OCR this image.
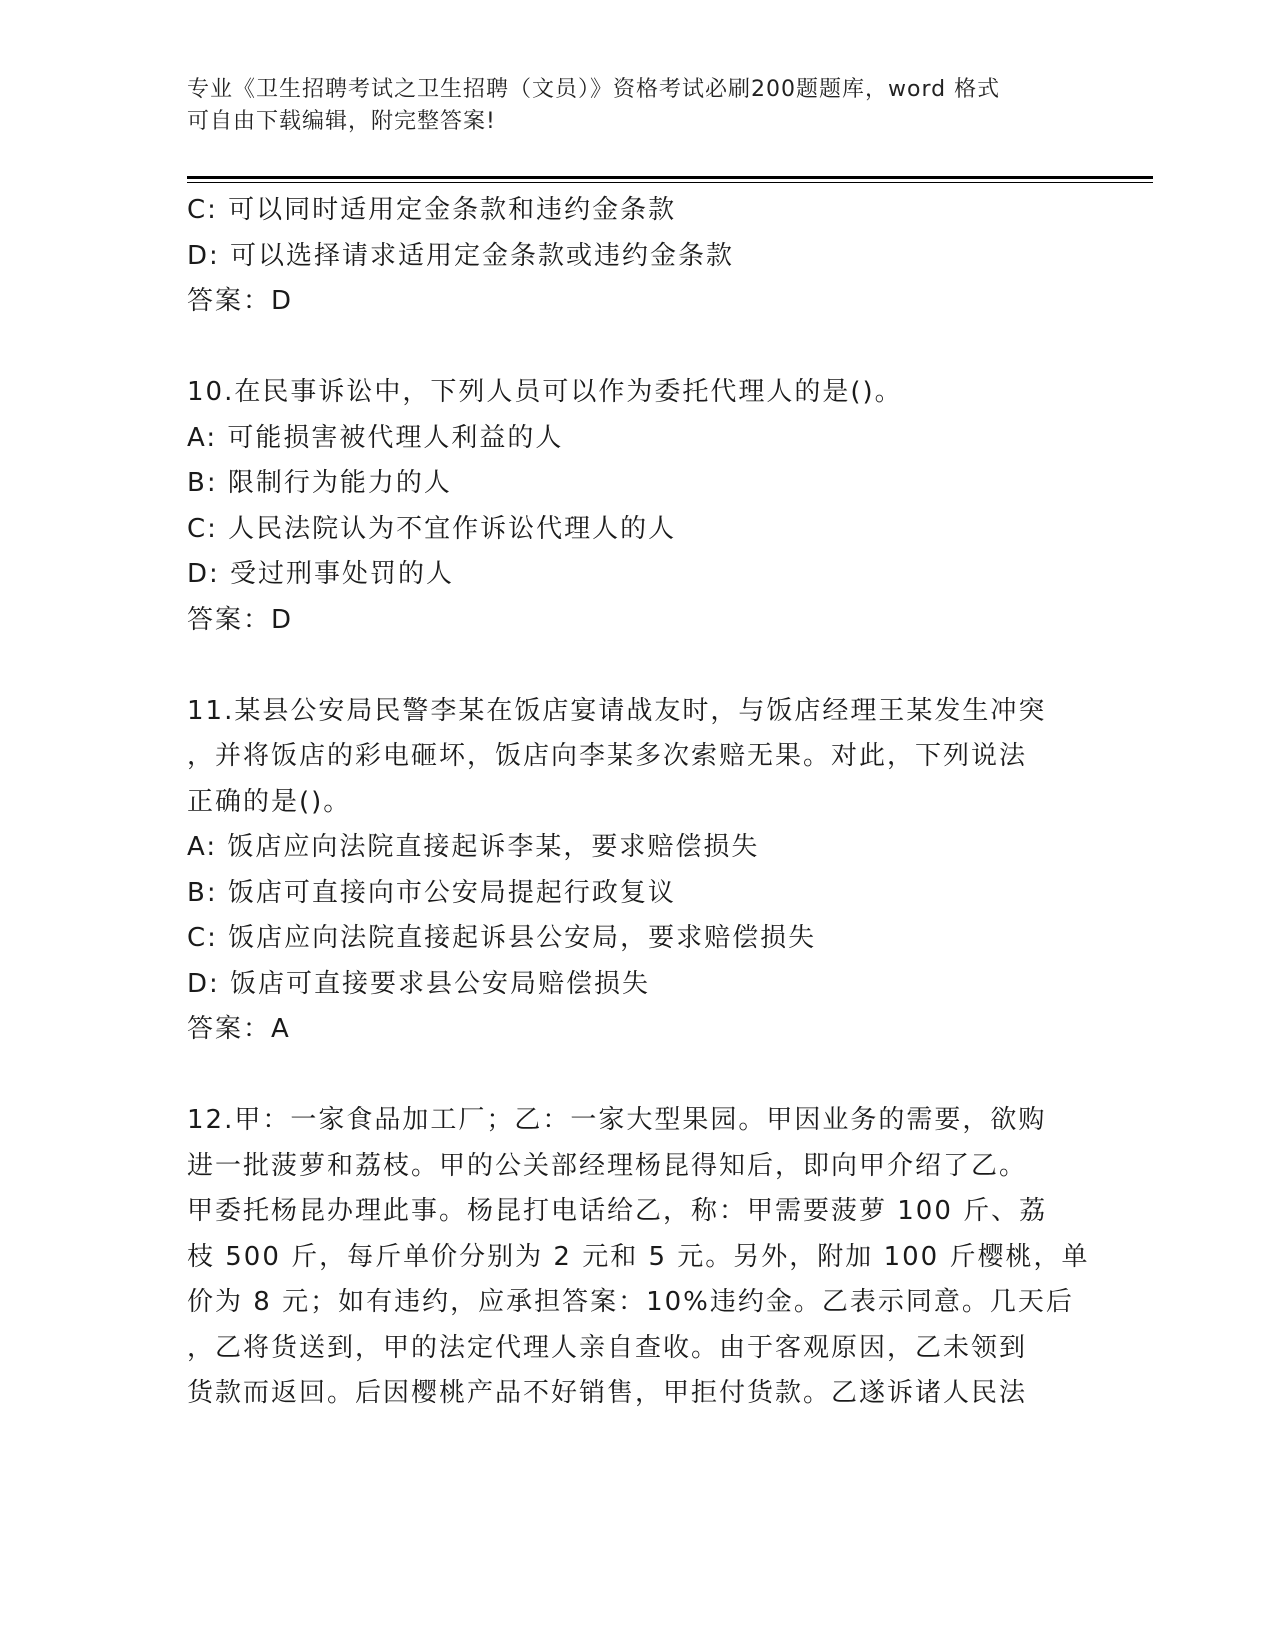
专业《卫生招聘考试之卫生招聘（文员）》资格考试必刷200题题库，word 格式
可自由下载编辑，附完整答案!
C: 可以同时适用定金条款和违约金条款
D: 可以选择请求适用定金条款或违约金条款
答案：D
10.在民事诉讼中，下列人员可以作为委托代理人的是()。
A: 可能损害被代理人利益的人
B: 限制行为能力的人
C: 人民法院认为不宜作诉讼代理人的人
D: 受过刑事处罚的人
答案：D
11.某县公安局民警李某在饭店宴请战友时，与饭店经理王某发生冲突
，并将饭店的彩电砸坏，饭店向李某多次索赔无果。对此，下列说法
正确的是()。
A: 饭店应向法院直接起诉李某，要求赔偿损失
B: 饭店可直接向市公安局提起行政复议
C: 饭店应向法院直接起诉县公安局，要求赔偿损失
D: 饭店可直接要求县公安局赔偿损失
答案：A
12.甲：一家食品加工厂；乙：一家大型果园。甲因业务的需要，欲购
进一批菠萝和荔枝。甲的公关部经理杨昆得知后，即向甲介绍了乙。
甲委托杨昆办理此事。杨昆打电话给乙，称：甲需要菠萝 100 斤、荔
枝 500 斤，每斤单价分别为 2 元和 5 元。另外，附加 100 斤樱桃，单
价为 8 元；如有违约，应承担答案：10%违约金。乙表示同意。几天后
，乙将货送到，甲的法定代理人亲自查收。由于客观原因，乙未领到
货款而返回。后因樱桃产品不好销售，甲拒付货款。乙遂诉诸人民法
